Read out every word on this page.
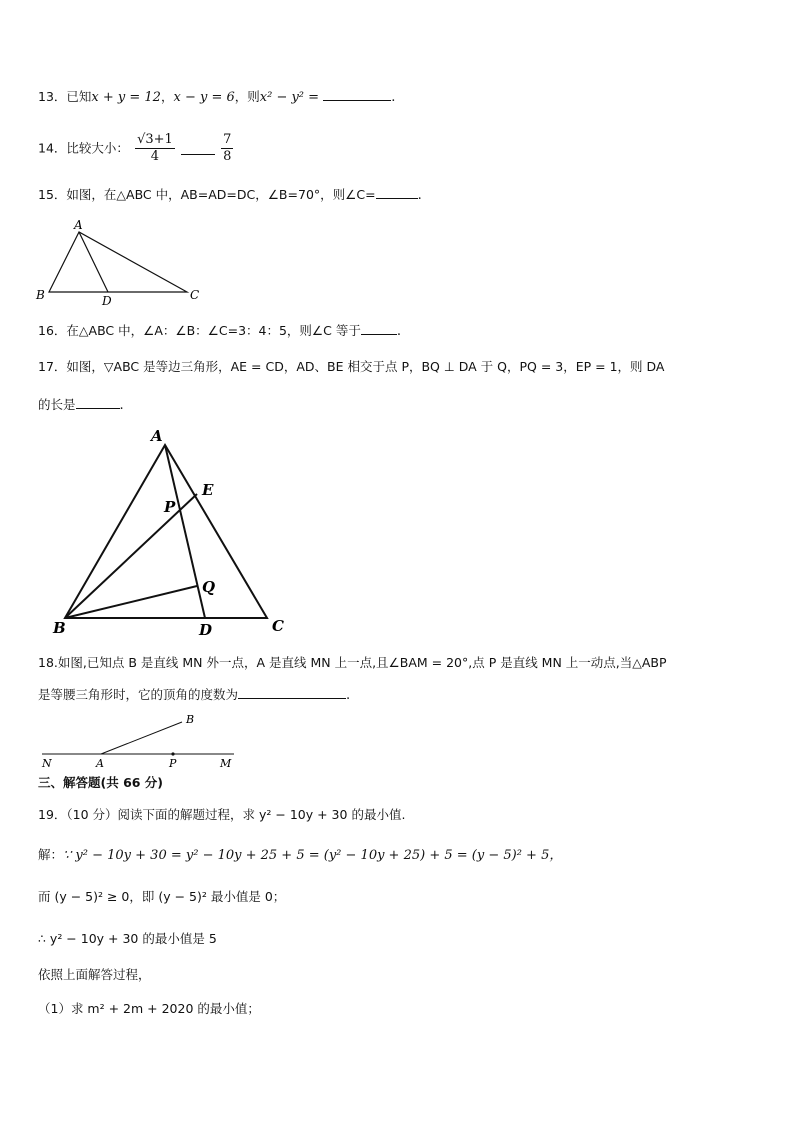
13．已知x + y = 12，x − y = 6，则x² − y² =	.
14．比较大小： $\frac{√3+1}{4}$
	$\frac{7}{8}$
15．如图，在△ABC 中，AB=AD=DC，∠B=70°，则∠C=	.
A
B	D	C
16．在△ABC 中，∠A：∠B：∠C=3：4：5，则∠C 等于	.
17．如图，▽ABC 是等边三角形，AE = CD，AD、BE 相交于点 P，BQ ⊥ DA 于 Q，PQ = 3，EP = 1，则 DA
的长是	.
A
E
P
Q
B	D	C
18.如图,已知点 B 是直线 MN 外一点，A 是直线 MN 上一点,且∠BAM = 20°,点 P 是直线 MN 上一动点,当△ABP
是等腰三角形时，它的顶角的度数为	.
B
N	A	P	M
三、解答题(共 66 分)
19．（10 分）阅读下面的解题过程，求 y² − 10y + 30 的最小值.
解：∵ y² − 10y + 30 = y² − 10y + 25 + 5 = (y² − 10y + 25) + 5 = (y − 5)² + 5，
而 (y − 5)² ≥ 0，即 (y − 5)² 最小值是 0；
∴ y² − 10y + 30 的最小值是 5
依照上面解答过程，
（1）求 m² + 2m + 2020 的最小值；
